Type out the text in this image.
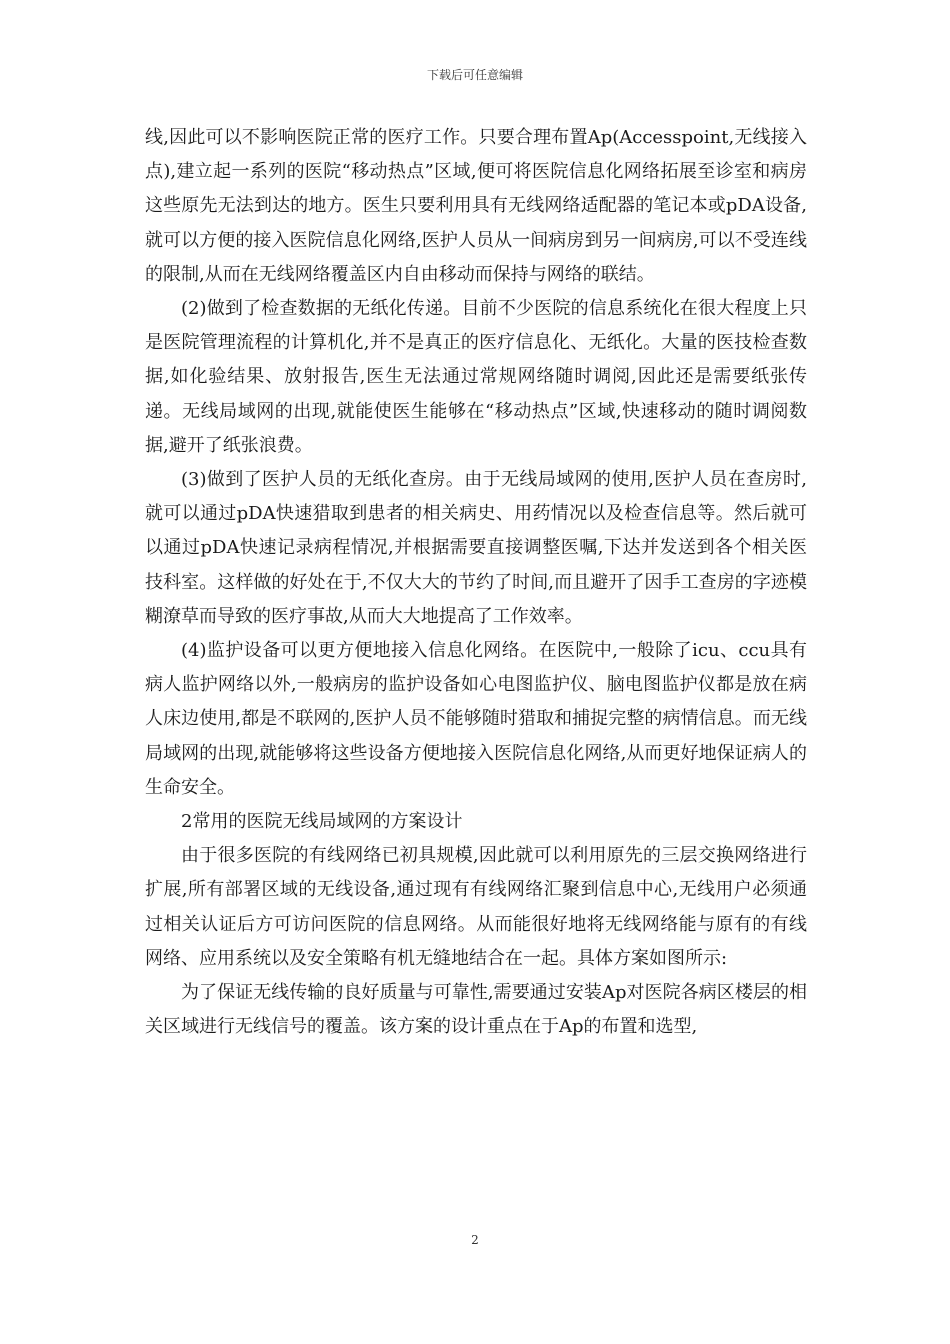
下载后可任意编辑

线,因此可以不影响医院正常的医疗工作。只要合理布置Ap(Accesspoint,无线接入点),建立起一系列的医院“移动热点”区域,便可将医院信息化网络拓展至诊室和病房这些原先无法到达的地方。医生只要利用具有无线网络适配器的笔记本或pDA设备,就可以方便的接入医院信息化网络,医护人员从一间病房到另一间病房,可以不受连线的限制,从而在无线网络覆盖区内自由移动而保持与网络的联结。

(2)做到了检查数据的无纸化传递。目前不少医院的信息系统化在很大程度上只是医院管理流程的计算机化,并不是真正的医疗信息化、无纸化。大量的医技检查数据,如化验结果、放射报告,医生无法通过常规网络随时调阅,因此还是需要纸张传递。无线局域网的出现,就能使医生能够在“移动热点”区域,快速移动的随时调阅数据,避开了纸张浪费。

(3)做到了医护人员的无纸化查房。由于无线局域网的使用,医护人员在查房时,就可以通过pDA快速猎取到患者的相关病史、用药情况以及检查信息等。然后就可以通过pDA快速记录病程情况,并根据需要直接调整医嘱,下达并发送到各个相关医技科室。这样做的好处在于,不仅大大的节约了时间,而且避开了因手工查房的字迹模糊潦草而导致的医疗事故,从而大大地提高了工作效率。

(4)监护设备可以更方便地接入信息化网络。在医院中,一般除了icu、ccu具有病人监护网络以外,一般病房的监护设备如心电图监护仪、脑电图监护仪都是放在病人床边使用,都是不联网的,医护人员不能够随时猎取和捕捉完整的病情信息。而无线局域网的出现,就能够将这些设备方便地接入医院信息化网络,从而更好地保证病人的生命安全。

2常用的医院无线局域网的方案设计

由于很多医院的有线网络已初具规模,因此就可以利用原先的三层交换网络进行扩展,所有部署区域的无线设备,通过现有有线网络汇聚到信息中心,无线用户必须通过相关认证后方可访问医院的信息网络。从而能很好地将无线网络能与原有的有线网络、应用系统以及安全策略有机无缝地结合在一起。具体方案如图所示:

为了保证无线传输的良好质量与可靠性,需要通过安装Ap对医院各病区楼层的相关区域进行无线信号的覆盖。该方案的设计重点在于Ap的布置和选型,

2
